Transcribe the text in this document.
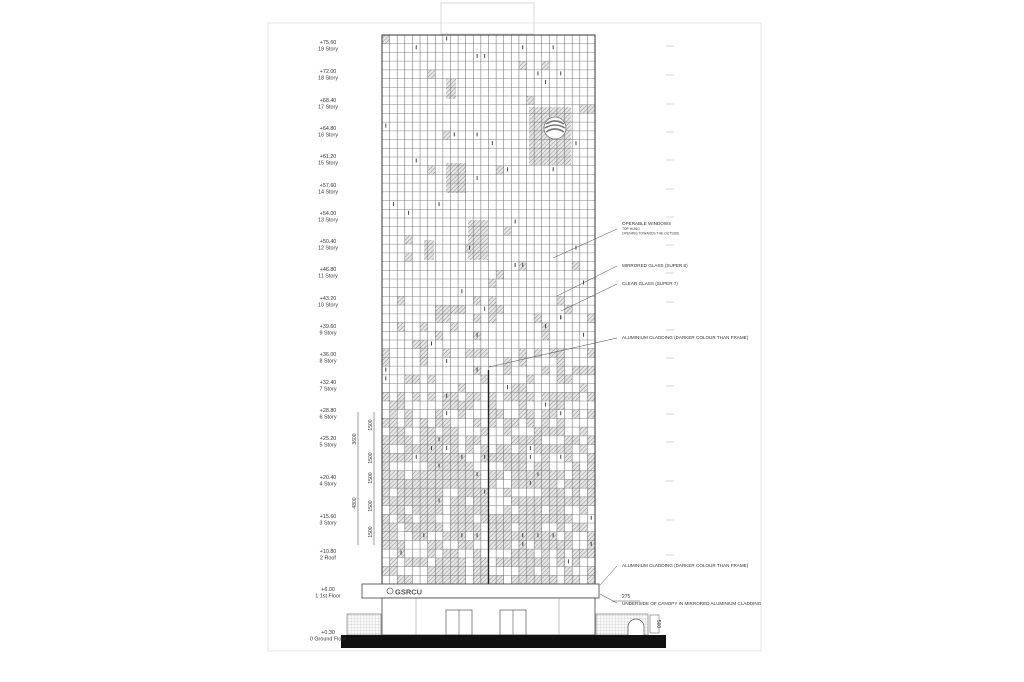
GSRCU
+75.60
19 Story
+72.00
18 Story
+68.40
17 Story
+64.80
16 Story
+61.20
15 Story
+57.60
14 Story
+54.00
13 Story
+50.40
12 Story
+46.80
11 Story
+43.20
10 Story
+39.60
9 Story
+36.00
8 Story
+32.40
7 Story
+28.80
6 Story
+25.20
5 Story
+20.40
4 Story
+15.60
3 Story
+10.80
2 Roof
+6.00
1 1st Floor
+0.30
0 Ground Floor
1500
3600
1500
1500
1500
4800
1500
275
500
OPERABLE WINDOWS
TOP HUNG
OPENING TOWARDS THE OUTSIDE
MIRRORED GLASS (SUPER 8)
CLEAR GLASS (SUPER 7)
ALUMINIUM CLADDING (DARKER COLOUR THAN FRAME)
ALUMINIUM CLADDING (DARKER COLOUR THAN FRAME)
UNDERSIDE OF CANOPY IN MIRRORED ALUMINIUM CLADDING
